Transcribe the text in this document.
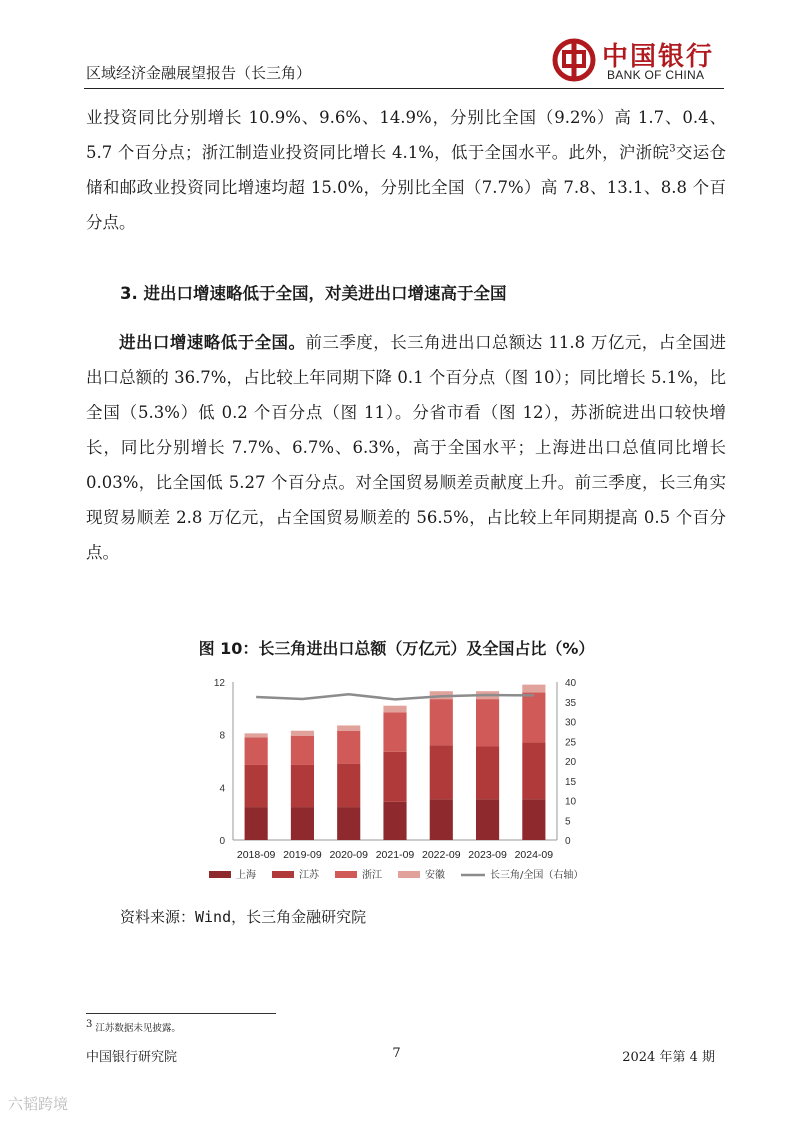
区域经济金融展望报告（长三角）
中国银行
BANK OF CHINA
业投资同比分别增长 10.9%、9.6%、14.9%，分别比全国（9.2%）高 1.7、0.4、5.7 个百分点；浙江制造业投资同比增长 4.1%，低于全国水平。此外，沪浙皖$^3$交运仓储和邮政业投资同比增速均超 15.0%，分别比全国（7.7%）高 7.8、13.1、8.8 个百分点。
3. 进出口增速略低于全国，对美进出口增速高于全国
进出口增速略低于全国。前三季度，长三角进出口总额达 11.8 万亿元，占全国进出口总额的 36.7%，占比较上年同期下降 0.1 个百分点（图 10）；同比增长 5.1%，比全国（5.3%）低 0.2 个百分点（图 11）。分省市看（图 12），苏浙皖进出口较快增长，同比分别增长 7.7%、6.7%、6.3%，高于全国水平；上海进出口总值同比增长 0.03%，比全国低 5.27 个百分点。对全国贸易顺差贡献度上升。前三季度，长三角实现贸易顺差 2.8 万亿元，占全国贸易顺差的 56.5%，占比较上年同期提高 0.5 个百分点。
图 10：长三角进出口总额（万亿元）及全国占比（%）
0
4
8
12
0
5
10
15
20
25
30
35
40
2018-09 2019-09 2020-09 2021-09 2022-09 2023-09 2024-09
上海	江苏	浙江	安徽	长三角/全国（右轴）
资料来源：Wind，长三角金融研究院
3 江苏数据未见披露。
中国银行研究院	7	2024 年第 4 期
六韬跨境
